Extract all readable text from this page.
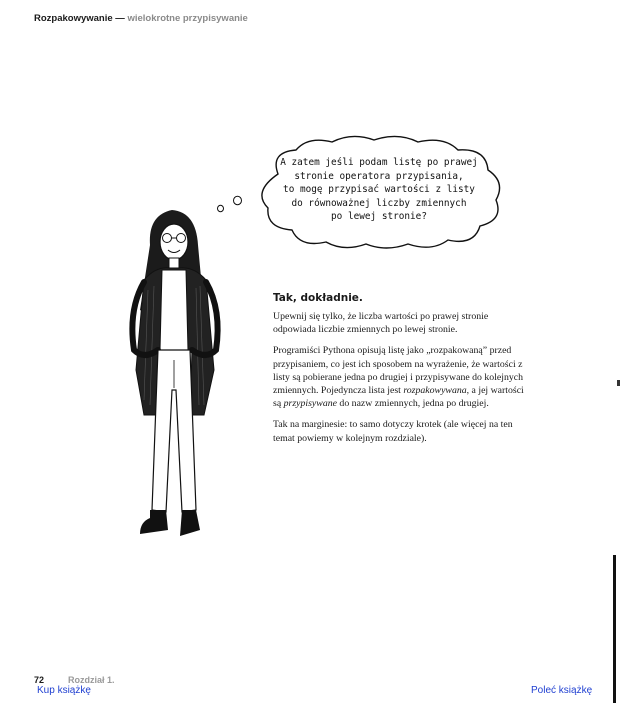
Rozpakowywanie — wielokrotne przypisywanie
A zatem jeśli podam listę po prawej
stronie operatora przypisania,
to mogę przypisać wartości z listy
do równoważnej liczby zmiennych
po lewej stronie?
Tak, dokładnie.

Upewnij się tylko, że liczba wartości po prawej stronie odpowiada liczbie zmiennych po lewej stronie.

Programiści Pythona opisują listę jako „rozpakowaną” przed przypisaniem, co jest ich sposobem na wyrażenie, że wartości z listy są pobierane jedna po drugiej i przypisywane do kolejnych zmiennych. Pojedyncza lista jest rozpakowywana, a jej wartości są przypisywane do nazw zmiennych, jedna po drugiej.

Tak na marginesie: to samo dotyczy krotek (ale więcej na ten temat powiemy w kolejnym rozdziale).

72	Rozdział 1.
Kup książkę	Poleć książkę
